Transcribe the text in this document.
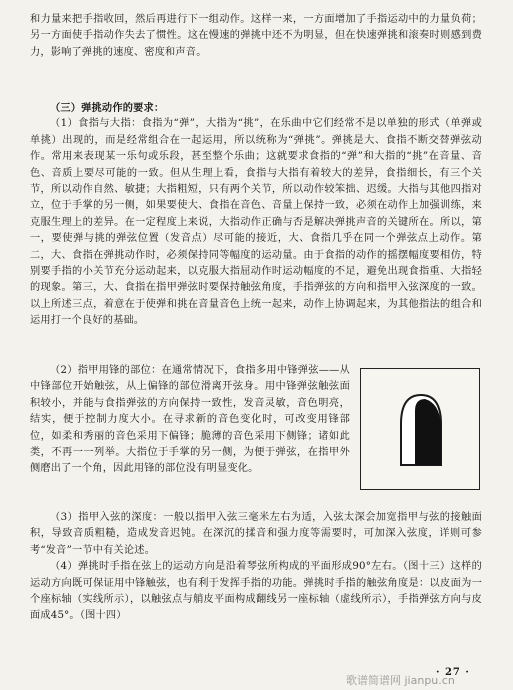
和力量来把手指收回，然后再进行下一组动作。这样一来，一方面增加了手指运动中的力量负荷；另一方面使手指动作失去了惯性。这在慢速的弹挑中还不为明显，但在快速弹挑和滚奏时则感到费力，影响了弹挑的速度、密度和声音。

（三）弹挑动作的要求：

（1）食指与大指：食指为“弹”，大指为“挑”，在乐曲中它们经常不是以单独的形式（单弹或单挑）出现的，而是经常组合在一起运用，所以统称为“弹挑”。弹挑是大、食指不断交替弹弦动作。常用来表现某一乐句或乐段，甚至整个乐曲；这就要求食指的“弹”和大指的“挑”在音量、音色、音质上要尽可能的一致。但从生理上看，食指与大指有着较大的差异，食指细长，有三个关节，所以动作自然、敏捷；大指粗短，只有两个关节，所以动作较笨拙、迟缓。大指与其他四指对立，位于手掌的另一侧，如果要使大、食指在音色、音量上保持一致，必须在动作上加强训练，来克服生理上的差异。在一定程度上来说，大指动作正确与否是解决弹挑声音的关键所在。所以，第一，要使弹与挑的弹弦位置（发音点）尽可能的接近，大、食指几乎在同一个弹弦点上动作。第二，大、食指在弹挑动作时，必须保持同等幅度的运动量。由于食指的动作的摇摆幅度要相仿，特别要手指的小关节充分运动起来，以克服大指屈动作时运动幅度的不足，避免出现食指重、大指轻的现象。第三，大、食指在指甲弹弦时要保持触弦角度，手指弹弦的方向和指甲入弦深度的一致。以上所述三点，着意在于使弹和挑在音量音色上统一起来，动作上协调起来，为其他指法的组合和运用打一个良好的基础。

（2）指甲用锋的部位：在通常情况下，食指多用中锋弹弦——从中锋部位开始触弦，从上偏锋的部位滑离开弦身。用中锋弹弦触弦面积较小，并能与食指弹弦的方向保持一致性，发音灵敏，音色明亮，结实，便于控制力度大小。在寻求新的音色变化时，可改变用锋部位，如柔和秀丽的音色采用下偏锋；脆薄的音色采用下侧锋；诸如此类，不再一一列举。大指位于手掌的另一侧，为便于弹弦，在指甲外侧磨出了一个角，因此用锋的部位没有明显变化。

（3）指甲入弦的深度：一般以指甲入弦三毫米左右为适，入弦太深会加宽指甲与弦的接触面积，导致音质粗糙，造成发音迟钝。在深沉的揉音和强力度等需要时，可加深入弦度，详则可参考“发音”一节中有关论述。

（4）弹挑时手指在弦上的运动方向是沿着琴弦所构成的平面形成90°左右。（图十三）这样的运动方向既可保证用中锋触弦，也有利于发挥手指的功能。弹挑时手指的触弦角度是：以皮面为一个座标轴（实线所示），以触弦点与艄皮平面构成翻线另一座标轴（虚线所示），手指弹弦方向与皮面成45°。（图十四）

· 27 ·
歌谱简谱网 jianpu.cn
